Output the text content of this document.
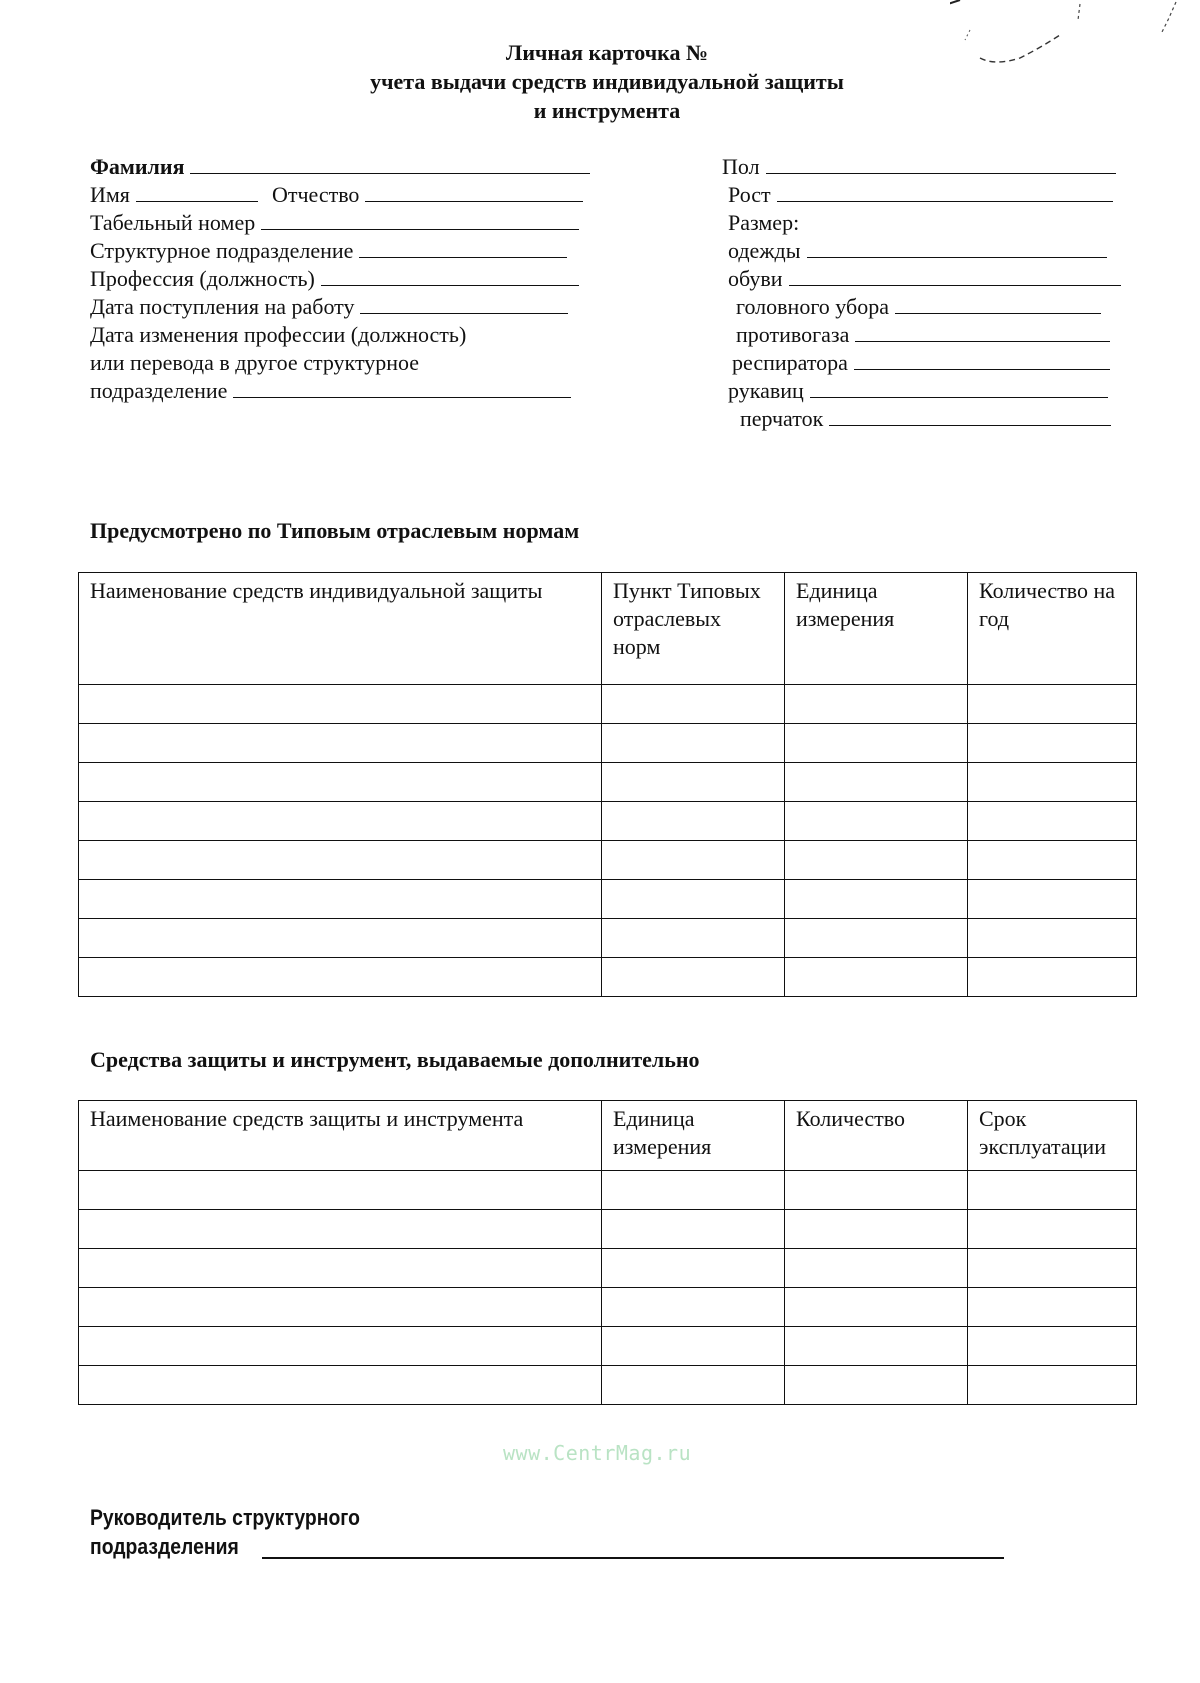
Личная карточка №
учета выдачи средств индивидуальной защиты
и инструмента
Фамилия
Имя	Отчество
Табельный номер
Структурное подразделение
Профессия (должность)
Дата поступления на работу
Дата изменения профессии (должность)
или перевода в другое структурное
подразделение
Пол
Рост
Размер:
одежды
обуви
головного убора
противогаза
респиратора
рукавиц
перчаток
Предусмотрено по Типовым отраслевым нормам
Наименование средств индивидуальной защиты	Пункт Типовых отраслевых норм	Единица измерения	Количество на год

Средства защиты и инструмент, выдаваемые дополнительно
Наименование средств защиты и инструмента	Единица измерения	Количество	Срок эксплуатации

www.CentrMag.ru
Руководитель структурного
подразделения
